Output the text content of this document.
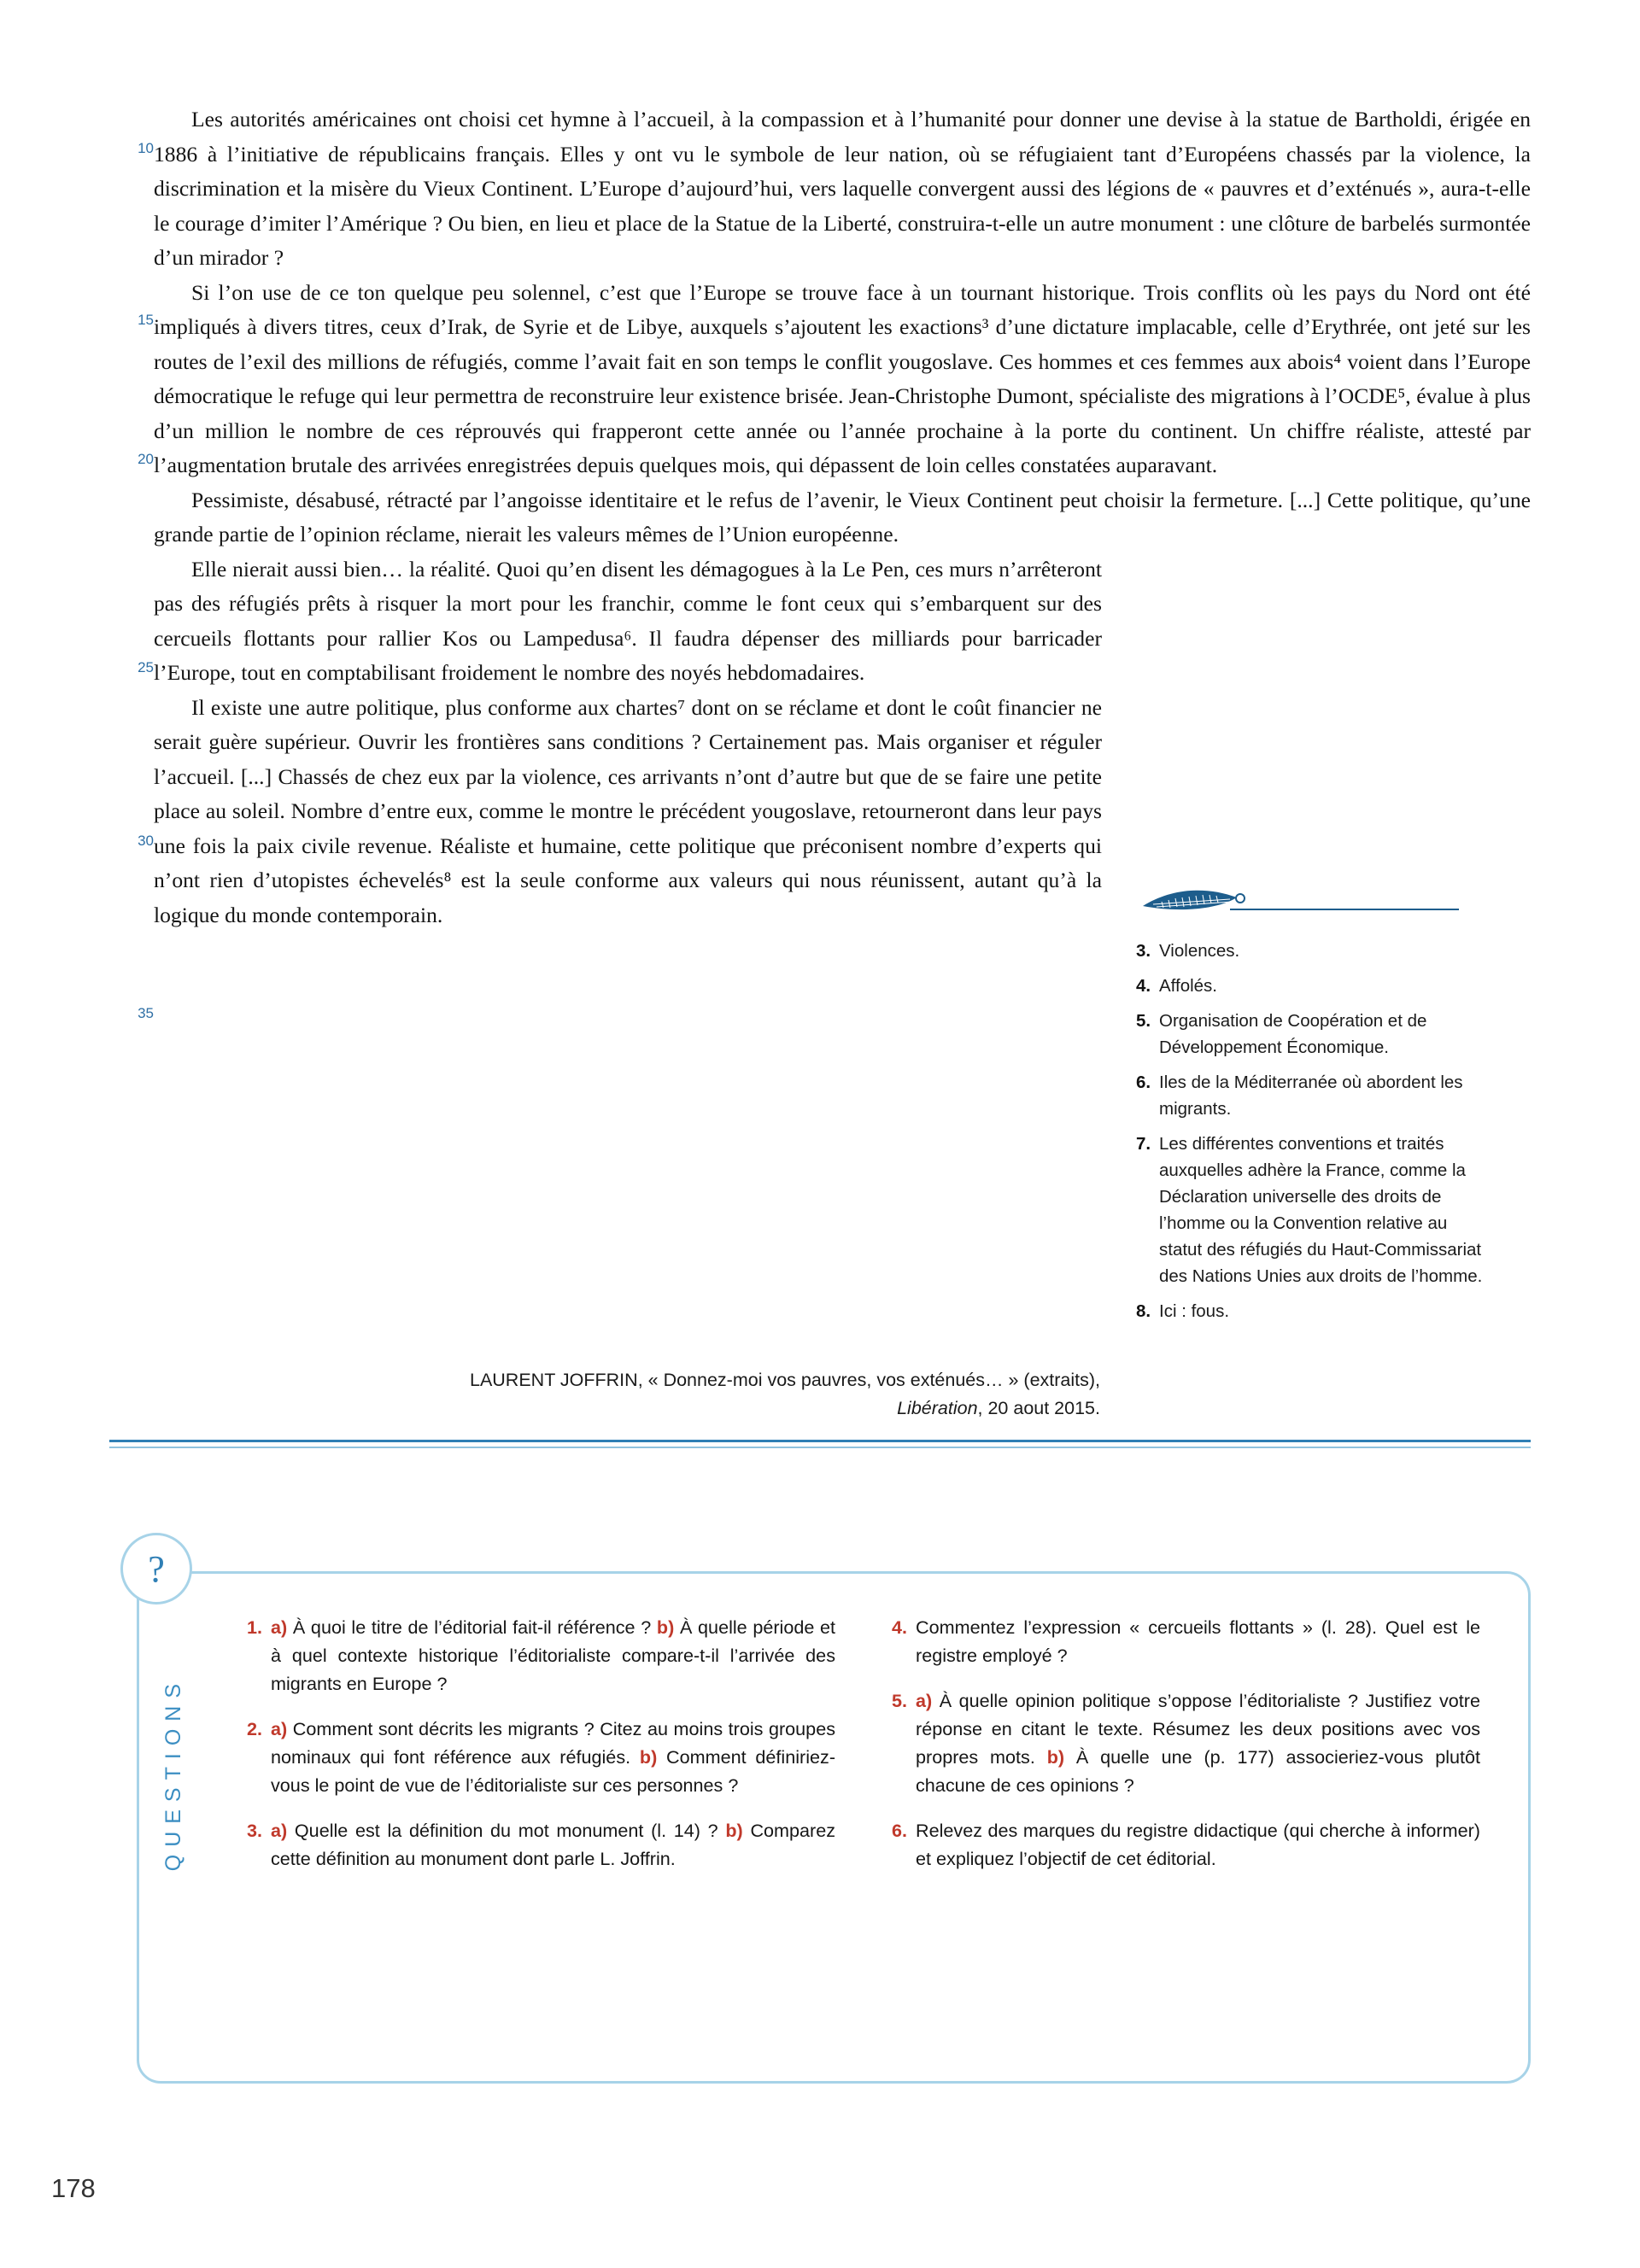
10
15
20
25
30
35

Les autorités américaines ont choisi cet hymne à l’accueil, à la compassion et à l’humanité pour donner une devise à la statue de Bartholdi, érigée en 1886 à l’initiative de républicains français. Elles y ont vu le symbole de leur nation, où se réfugiaient tant d’Européens chassés par la violence, la discrimination et la misère du Vieux Continent. L’Europe d’aujourd’hui, vers laquelle convergent aussi des légions de « pauvres et d’exténués », aura-t-elle le courage d’imiter l’Amérique ? Ou bien, en lieu et place de la Statue de la Liberté, construira-t-elle un autre monument : une clôture de barbelés surmontée d’un mirador ?

Si l’on use de ce ton quelque peu solennel, c’est que l’Europe se trouve face à un tournant historique. Trois conflits où les pays du Nord ont été impliqués à divers titres, ceux d’Irak, de Syrie et de Libye, auxquels s’ajoutent les exactions³ d’une dictature implacable, celle d’Erythrée, ont jeté sur les routes de l’exil des millions de réfugiés, comme l’avait fait en son temps le conflit yougoslave. Ces hommes et ces femmes aux abois⁴ voient dans l’Europe démocratique le refuge qui leur permettra de reconstruire leur existence brisée. Jean-Christophe Dumont, spécialiste des migrations à l’OCDE⁵, évalue à plus d’un million le nombre de ces réprouvés qui frapperont cette année ou l’année prochaine à la porte du continent. Un chiffre réaliste, attesté par l’augmentation brutale des arrivées enregistrées depuis quelques mois, qui dépassent de loin celles constatées auparavant.

Pessimiste, désabusé, rétracté par l’angoisse identitaire et le refus de l’avenir, le Vieux Continent peut choisir la fermeture. [...] Cette politique, qu’une grande partie de l’opinion réclame, nierait les valeurs mêmes de l’Union européenne.

Elle nierait aussi bien… la réalité. Quoi qu’en disent les démagogues à la Le Pen, ces murs n’arrêteront pas des réfugiés prêts à risquer la mort pour les franchir, comme le font ceux qui s’embarquent sur des cercueils flottants pour rallier Kos ou Lampedusa⁶. Il faudra dépenser des milliards pour barricader l’Europe, tout en comptabilisant froidement le nombre des noyés hebdomadaires.

Il existe une autre politique, plus conforme aux chartes⁷ dont on se réclame et dont le coût financier ne serait guère supérieur. Ouvrir les frontières sans conditions ? Certainement pas. Mais organiser et réguler l’accueil. [...] Chassés de chez eux par la violence, ces arrivants n’ont d’autre but que de se faire une petite place au soleil. Nombre d’entre eux, comme le montre le précédent yougoslave, retourneront dans leur pays une fois la paix civile revenue. Réaliste et humaine, cette politique que préconisent nombre d’experts qui n’ont rien d’utopistes échevelés⁸ est la seule conforme aux valeurs qui nous réunissent, autant qu’à la logique du monde contemporain.

LAURENT JOFFRIN, « Donnez-moi vos pauvres, vos exténués… » (extraits),
Libération, 20 aout 2015.
3. Violences.
4. Affolés.
5. Organisation de Coopération et de Développement Économique.
6. Iles de la Méditerranée où abordent les migrants.
7. Les différentes conventions et traités auxquelles adhère la France, comme la Déclaration universelle des droits de l’homme ou la Convention relative au statut des réfugiés du Haut-Commissariat des Nations Unies aux droits de l’homme.
8. Ici : fous.
?
QUESTIONS
1. a) À quoi le titre de l’éditorial fait-il référence ? b) À quelle période et à quel contexte historique l’éditorialiste compare-t-il l’arrivée des migrants en Europe ?
2. a) Comment sont décrits les migrants ? Citez au moins trois groupes nominaux qui font référence aux réfugiés. b) Comment définiriez-vous le point de vue de l’éditorialiste sur ces personnes ?
3. a) Quelle est la définition du mot monument (l. 14) ? b) Comparez cette définition au monument dont parle L. Joffrin.
4. Commentez l’expression « cercueils flottants » (l. 28). Quel est le registre employé ?
5. a) À quelle opinion politique s’oppose l’éditorialiste ? Justifiez votre réponse en citant le texte. Résumez les deux positions avec vos propres mots. b) À quelle une (p. 177) associeriez-vous plutôt chacune de ces opinions ?
6. Relevez des marques du registre didactique (qui cherche à informer) et expliquez l’objectif de cet éditorial.
178
